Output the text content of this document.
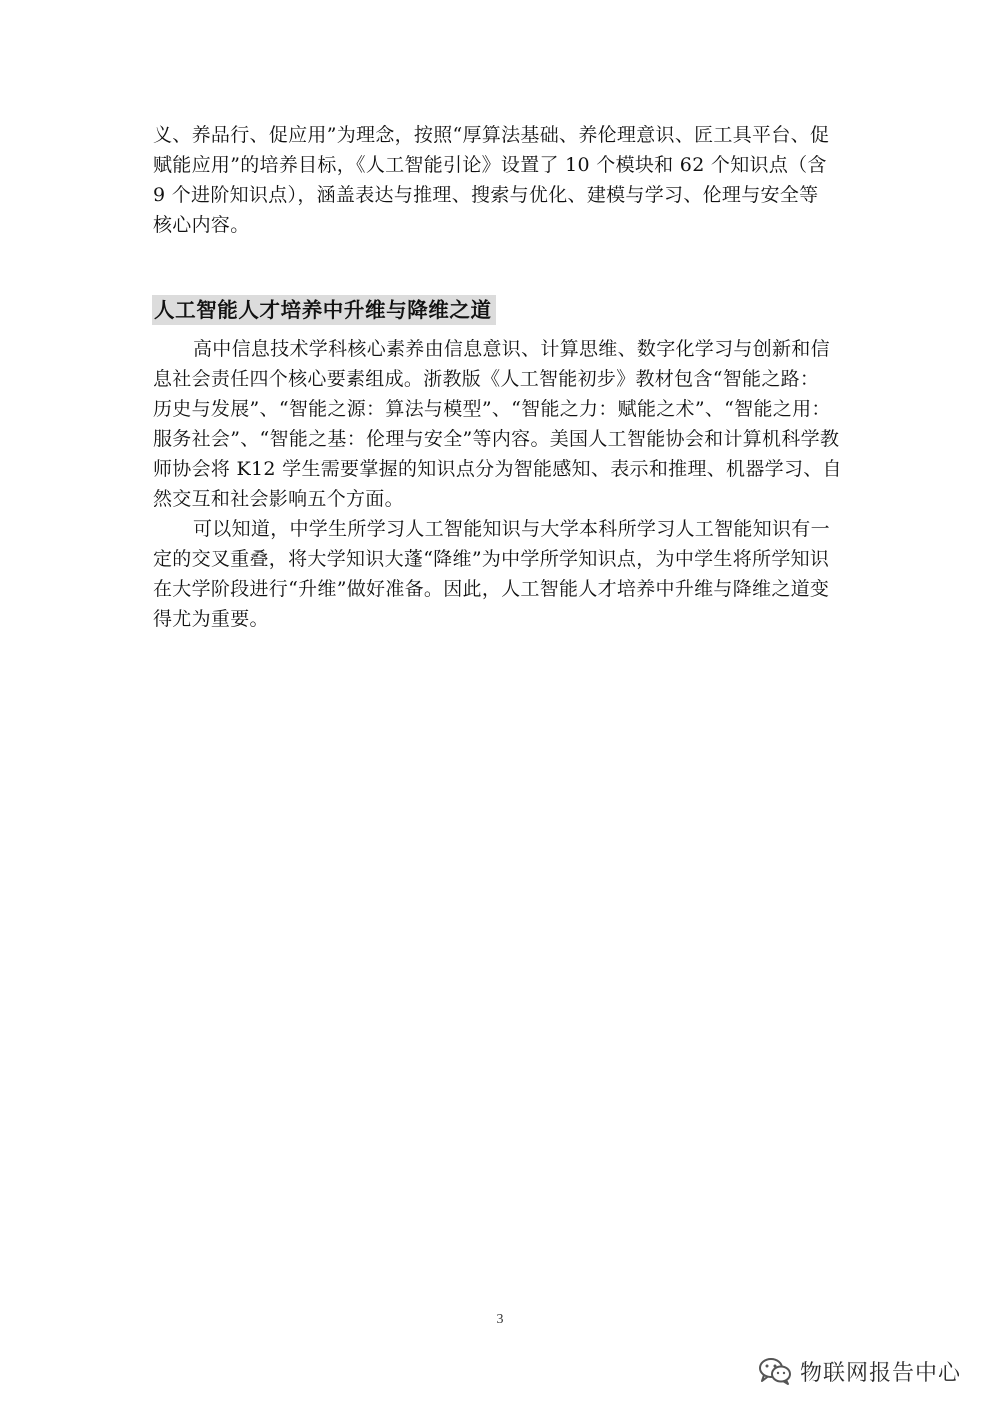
义、养品行、促应用”为理念，按照“厚算法基础、养伦理意识、匠工具平台、促
赋能应用”的培养目标，《人工智能引论》设置了 10 个模块和 62 个知识点（含
9 个进阶知识点），涵盖表达与推理、搜索与优化、建模与学习、伦理与安全等
核心内容。
人工智能人才培养中升维与降维之道
高中信息技术学科核心素养由信息意识、计算思维、数字化学习与创新和信
息社会责任四个核心要素组成。浙教版《人工智能初步》教材包含“智能之路：
历史与发展”、“智能之源：算法与模型”、“智能之力：赋能之术”、“智能之用：
服务社会”、“智能之基：伦理与安全”等内容。美国人工智能协会和计算机科学教
师协会将 K12 学生需要掌握的知识点分为智能感知、表示和推理、机器学习、自
然交互和社会影响五个方面。
可以知道，中学生所学习人工智能知识与大学本科所学习人工智能知识有一
定的交叉重叠，将大学知识大蓬“降维”为中学所学知识点，为中学生将所学知识
在大学阶段进行“升维”做好准备。因此，人工智能人才培养中升维与降维之道变
得尤为重要。
3
物联网报告中心
